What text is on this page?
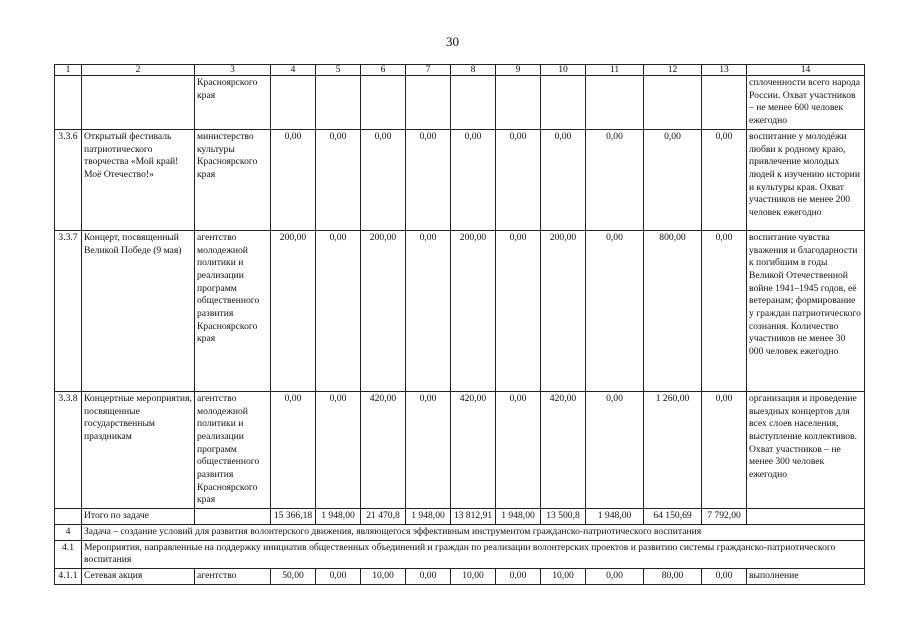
30
1	2	3	4	5	6	7	8	9	10	11	12	13	14
		Красноярского края											сплоченности всего народа России. Охват участников – не менее 600 человек ежегодно
3.3.6	Открытый фестиваль патриотического творчества «Мой край! Моё Отечество!»	министерство культуры Красноярского края	0,00	0,00	0,00	0,00	0,00	0,00	0,00	0,00	0,00	0,00	воспитание у молодёжи любви к родному краю, привлечение молодых людей к изучению истории и культуры края. Охват участников не менее 200 человек ежегодно
3.3.7	Концерт, посвященный Великой Победе (9 мая)	агентство молодежной политики и реализации программ общественного развития Красноярского края	200,00	0,00	200,00	0,00	200,00	0,00	200,00	0,00	800,00	0,00	воспитание чувства уважения и благодарности к погибшим в годы Великой Отечественной войне 1941–1945 годов, её ветеранам; формирование у граждан патриотического сознания. Количество участников не менее 30 000 человек ежегодно
3.3.8	Концертные мероприятия, посвященные государственным праздникам	агентство молодежной политики и реализации программ общественного развития Красноярского края	0,00	0,00	420,00	0,00	420,00	0,00	420,00	0,00	1 260,00	0,00	организация и проведение выездных концертов для всех слоев населения, выступление коллективов. Охват участников – не менее 300 человек ежегодно
	Итого по задаче		15 366,18	1 948,00	21 470,8	1 948,00	13 812,91	1 948,00	13 500,8	1 948,00	64 150,69	7 792,00	
4	Задача – создание условий для развития волонтерского движения, являющегося эффективным инструментом гражданско-патриотического воспитания												
4.1	Мероприятия, направленные на поддержку инициатив общественных объединений и граждан по реализации волонтерских проектов и развитию системы гражданско-патриотического воспитания												
4.1.1	Сетевая акция	агентство	50,00	0,00	10,00	0,00	10,00	0,00	10,00	0,00	80,00	0,00	выполнение
